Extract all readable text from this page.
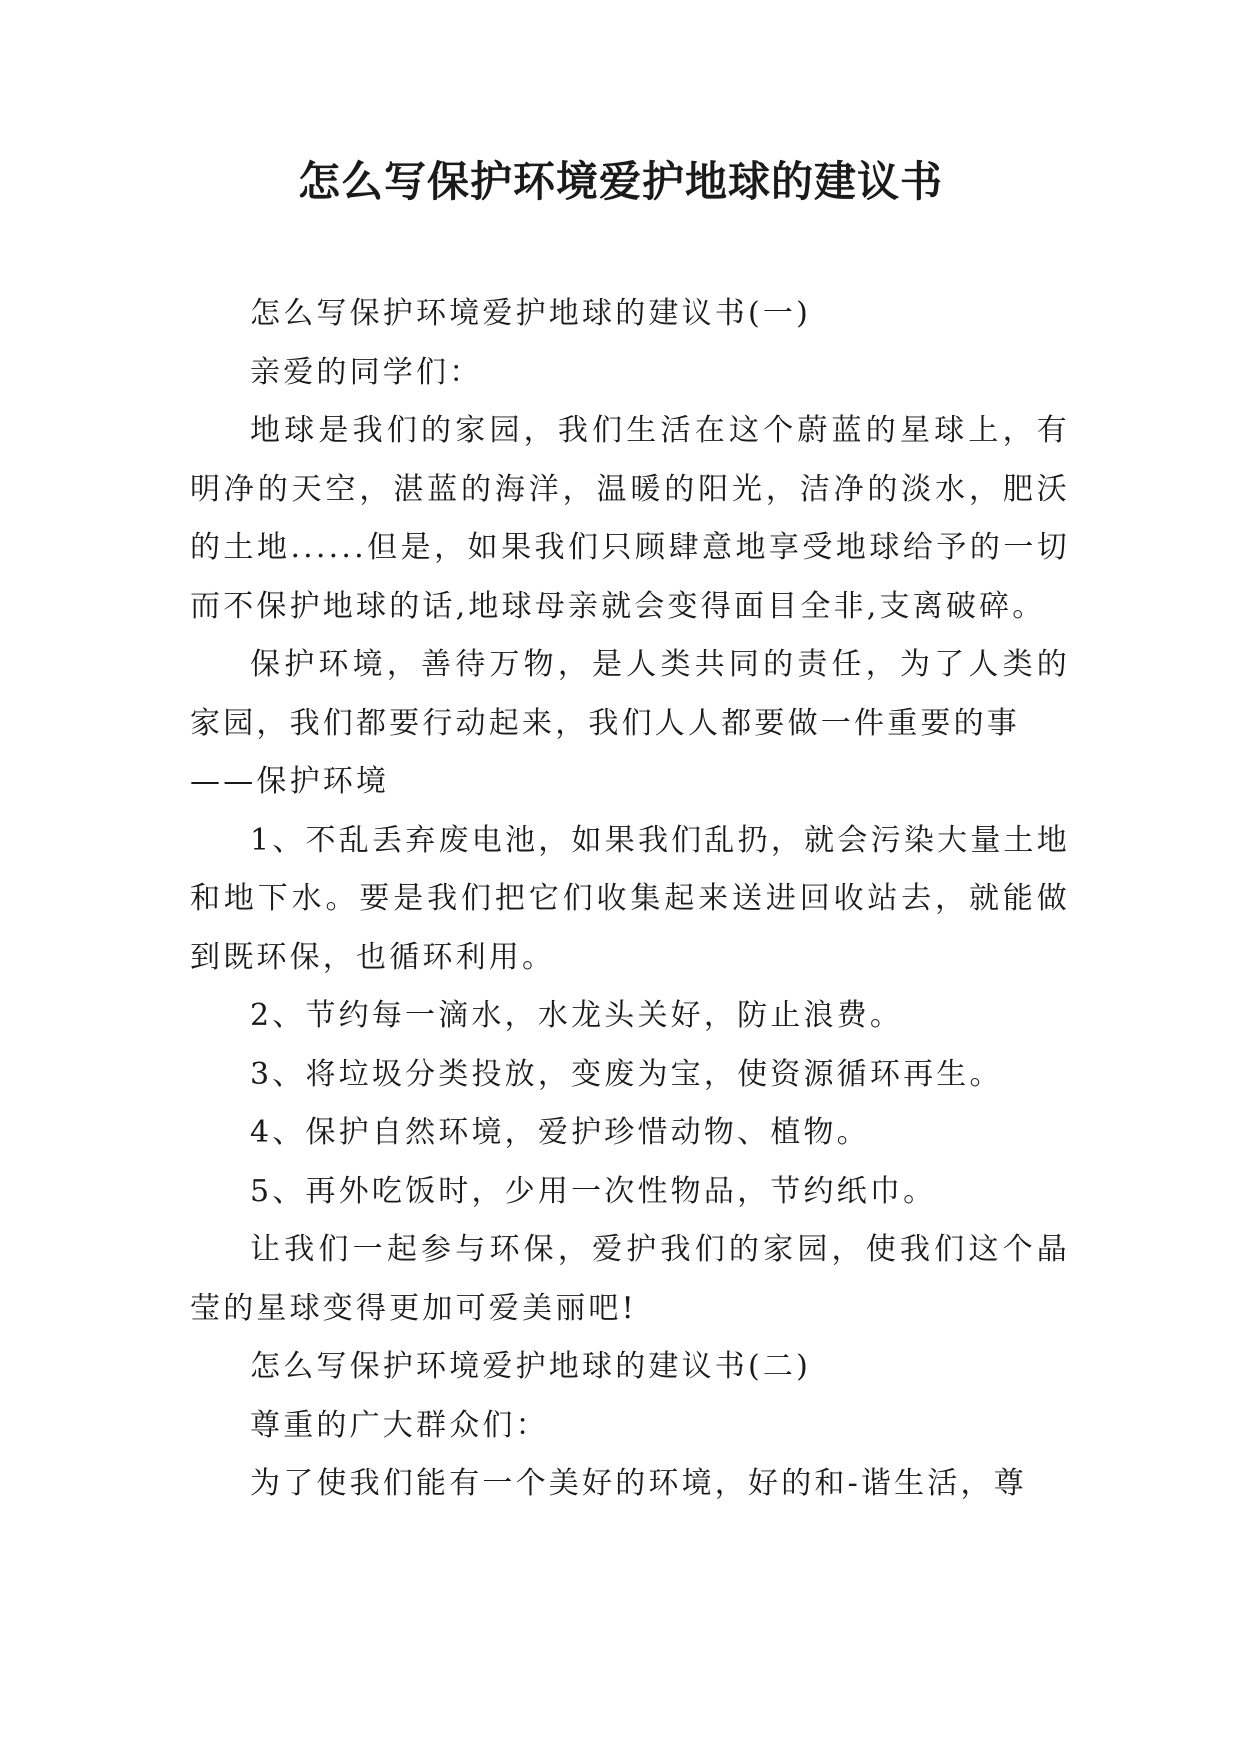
怎么写保护环境爱护地球的建议书

怎么写保护环境爱护地球的建议书(一)

亲爱的同学们：

地球是我们的家园，我们生活在这个蔚蓝的星球上，有明净的天空，湛蓝的海洋，温暖的阳光，洁净的淡水，肥沃的土地......但是，如果我们只顾肆意地享受地球给予的一切而不保护地球的话,地球母亲就会变得面目全非,支离破碎。

保护环境，善待万物，是人类共同的责任，为了人类的家园，我们都要行动起来，我们人人都要做一件重要的事

——保护环境

1、不乱丢弃废电池，如果我们乱扔，就会污染大量土地和地下水。要是我们把它们收集起来送进回收站去，就能做到既环保，也循环利用。

2、节约每一滴水，水龙头关好，防止浪费。

3、将垃圾分类投放，变废为宝，使资源循环再生。

4、保护自然环境，爱护珍惜动物、植物。

5、再外吃饭时，少用一次性物品，节约纸巾。

让我们一起参与环保，爱护我们的家园，使我们这个晶莹的星球变得更加可爱美丽吧!

怎么写保护环境爱护地球的建议书(二)

尊重的广大群众们：

为了使我们能有一个美好的环境，好的和-谐生活，尊
